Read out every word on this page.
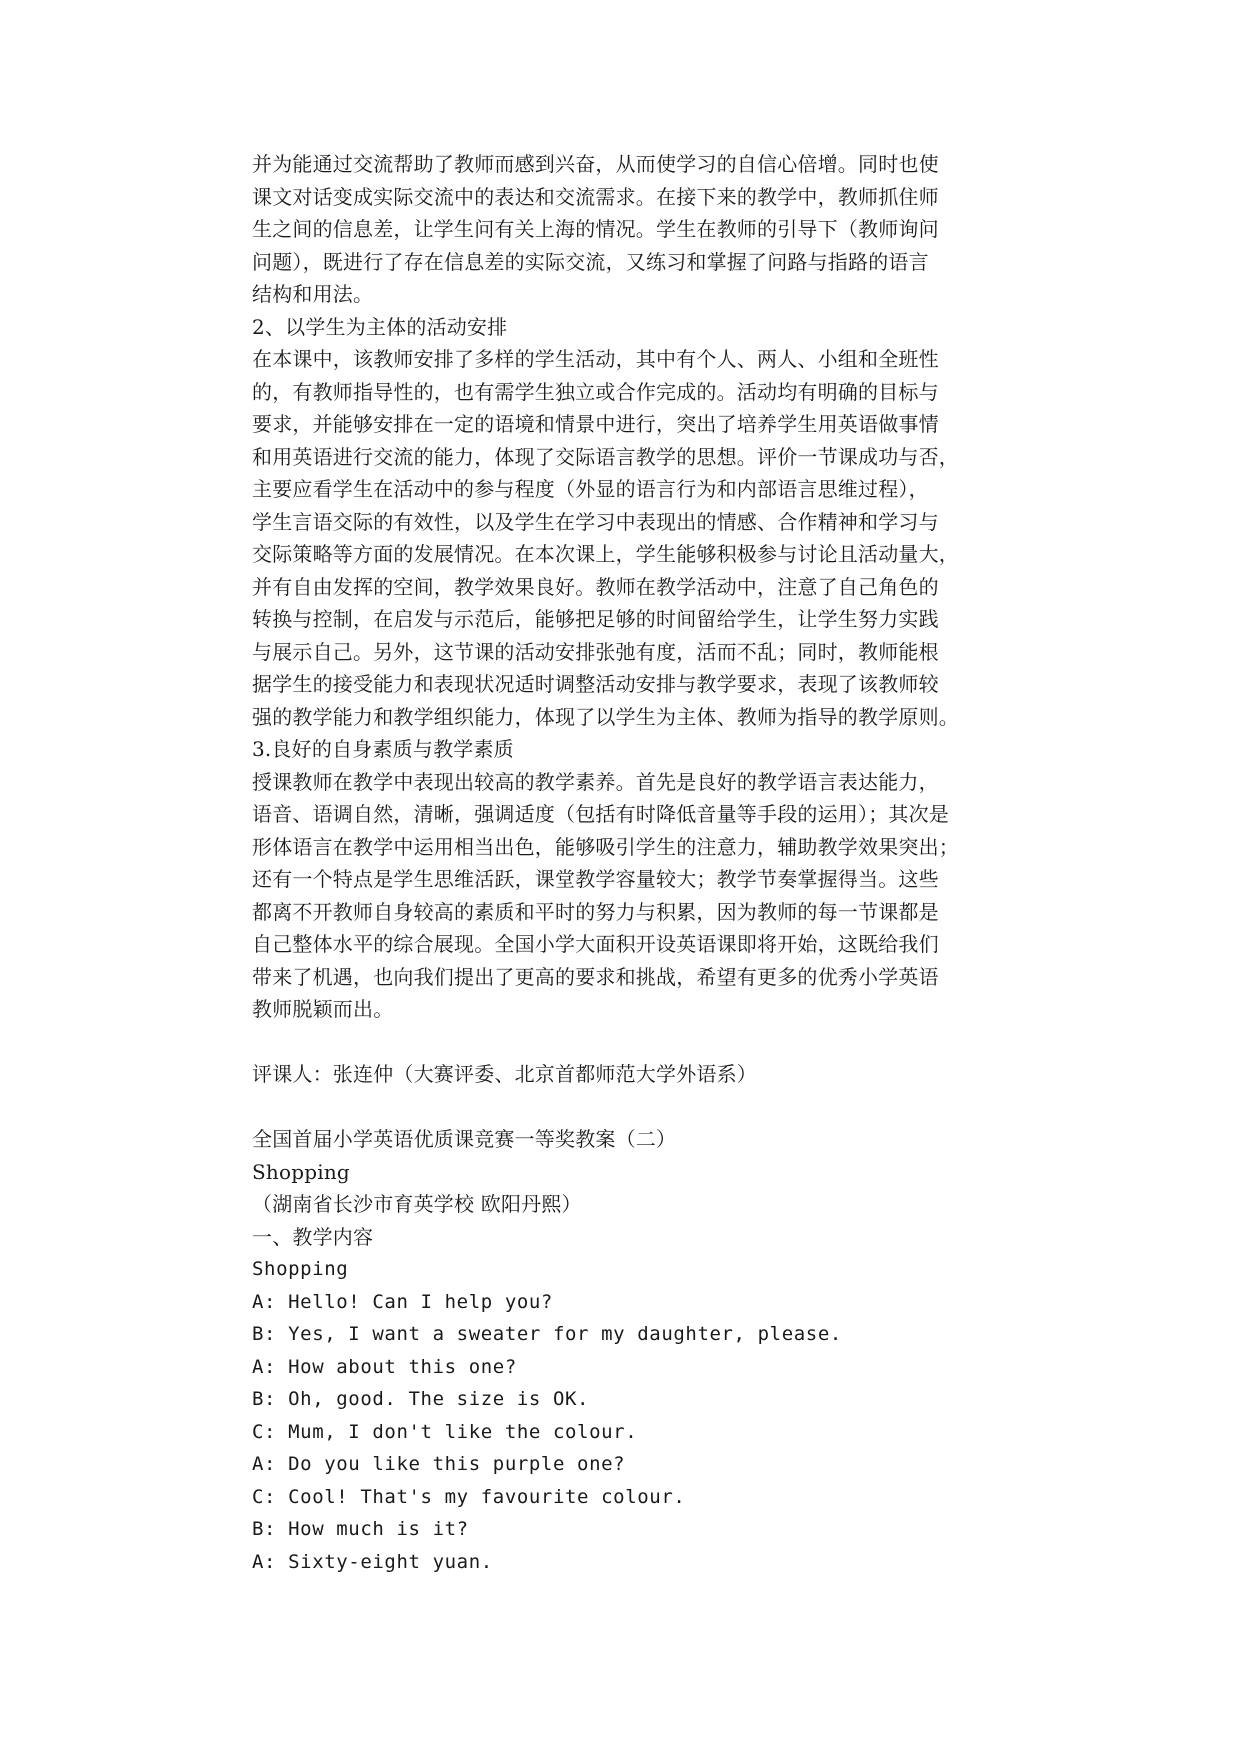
并为能通过交流帮助了教师而感到兴奋，从而使学习的自信心倍增。同时也使
课文对话变成实际交流中的表达和交流需求。在接下来的教学中，教师抓住师
生之间的信息差，让学生问有关上海的情况。学生在教师的引导下（教师询问
问题），既进行了存在信息差的实际交流，又练习和掌握了问路与指路的语言
结构和用法。
2、以学生为主体的活动安排
在本课中，该教师安排了多样的学生活动，其中有个人、两人、小组和全班性
的，有教师指导性的，也有需学生独立或合作完成的。活动均有明确的目标与
要求，并能够安排在一定的语境和情景中进行，突出了培养学生用英语做事情
和用英语进行交流的能力，体现了交际语言教学的思想。评价一节课成功与否，
主要应看学生在活动中的参与程度（外显的语言行为和内部语言思维过程），
学生言语交际的有效性，以及学生在学习中表现出的情感、合作精神和学习与
交际策略等方面的发展情况。在本次课上，学生能够积极参与讨论且活动量大，
并有自由发挥的空间，教学效果良好。教师在教学活动中，注意了自己角色的
转换与控制，在启发与示范后，能够把足够的时间留给学生，让学生努力实践
与展示自己。另外，这节课的活动安排张弛有度，活而不乱；同时，教师能根
据学生的接受能力和表现状况适时调整活动安排与教学要求，表现了该教师较
强的教学能力和教学组织能力，体现了以学生为主体、教师为指导的教学原则。
3.良好的自身素质与教学素质
授课教师在教学中表现出较高的教学素养。首先是良好的教学语言表达能力，
语音、语调自然，清晰，强调适度（包括有时降低音量等手段的运用）；其次是
形体语言在教学中运用相当出色，能够吸引学生的注意力，辅助教学效果突出；
还有一个特点是学生思维活跃，课堂教学容量较大；教学节奏掌握得当。这些
都离不开教师自身较高的素质和平时的努力与积累，因为教师的每一节课都是
自己整体水平的综合展现。全国小学大面积开设英语课即将开始，这既给我们
带来了机遇，也向我们提出了更高的要求和挑战，希望有更多的优秀小学英语
教师脱颖而出。
评课人：张连仲（大赛评委、北京首都师范大学外语系）
全国首届小学英语优质课竞赛一等奖教案（二）
Shopping
（湖南省长沙市育英学校 欧阳丹熙）
一、教学内容
Shopping
A: Hello! Can I help you?
B: Yes, I want a sweater for my daughter, please.
A: How about this one?
B: Oh, good. The size is OK.
C: Mum, I don't like the colour.
A: Do you like this purple one?
C: Cool! That's my favourite colour.
B: How much is it?
A: Sixty-eight yuan.
